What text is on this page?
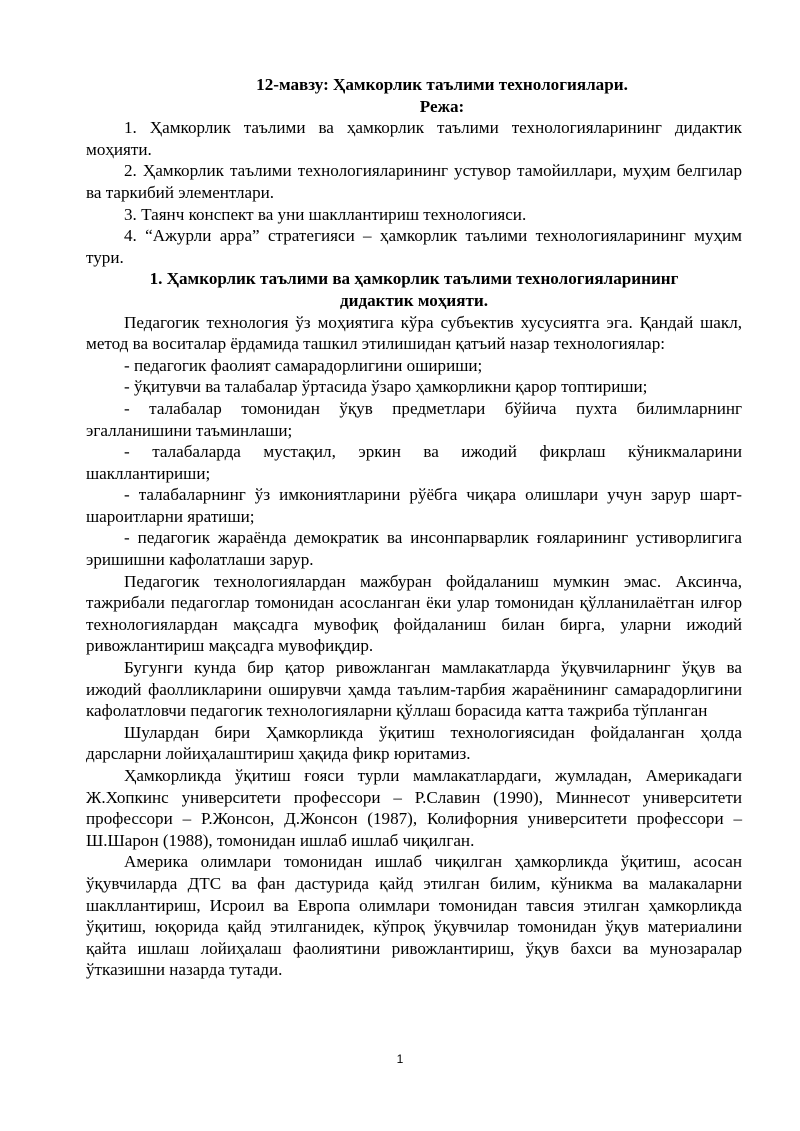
12-мавзу: Ҳамкорлик таълими технологиялари.
Режа:

1. Ҳамкорлик таълими ва ҳамкорлик таълими технологияларининг дидактик моҳияти.

2. Ҳамкорлик таълими технологияларининг устувор тамойиллари, муҳим белгилар ва таркибий элементлари.

3. Таянч конспект ва уни шакллантириш технологияси.

4. “Ажурли арра” стратегияси – ҳамкорлик таълими технологияларининг муҳим тури.

1. Ҳамкорлик таълими ва ҳамкорлик таълими технологияларининг
дидактик моҳияти.

Педагогик технология ўз моҳиятига кўра субъектив хусусиятга эга. Қандай шакл, метод ва воситалар ёрдамида ташкил этилишидан қатъий назар технологиялар:

- педагогик фаолият самарадорлигини ошириши;

- ўқитувчи ва талабалар ўртасида ўзаро ҳамкорликни қарор топтириши;

- талабалар томонидан ўқув предметлари бўйича пухта билимларнинг эгалланишини таъминлаши;

- талабаларда мустақил, эркин ва ижодий фикрлаш кўникмаларини шакллантириши;

- талабаларнинг ўз имкониятларини рўёбга чиқара олишлари учун зарур шарт-шароитларни яратиши;

- педагогик жараёнда демократик ва инсонпарварлик ғояларининг устиворлигига эришишни кафолатлаши зарур.

Педагогик технологиялардан мажбуран фойдаланиш мумкин эмас. Аксинча, тажрибали педагоглар томонидан асосланган ёки улар томонидан қўлланилаётган илғор технологиялардан мақсадга мувофиқ фойдаланиш билан бирга, уларни ижодий ривожлантириш мақсадга мувофиқдир.

Бугунги кунда бир қатор ривожланган мамлакатларда ўқувчиларнинг ўқув ва ижодий фаолликларини оширувчи ҳамда таълим-тарбия жараёнининг самарадорлигини кафолатловчи педагогик технологияларни қўллаш борасида катта тажриба тўпланган

Шулардан бири Ҳамкорликда ўқитиш технологиясидан фойдаланган ҳолда дарсларни лойиҳалаштириш ҳақида фикр юритамиз.

Ҳамкорликда ўқитиш ғояси турли мамлакатлардаги, жумладан, Америкадаги Ж.Хопкинс университети профессори – Р.Славин (1990), Миннесот университети профессори – Р.Жонсон, Д.Жонсон (1987), Колифорния университети профессори – Ш.Шарон (1988), томонидан ишлаб ишлаб чиқилган.

Америка олимлари томонидан ишлаб чиқилган ҳамкорликда ўқитиш, асосан ўқувчиларда ДТС ва фан дастурида қайд этилган билим, кўникма ва малакаларни шакллантириш, Исроил ва Европа олимлари томонидан тавсия этилган ҳамкорликда ўқитиш, юқорида қайд этилганидек, кўпроқ ўқувчилар томонидан ўқув материалини қайта ишлаш лойиҳалаш фаолиятини ривожлантириш, ўқув бахси ва мунозаралар ўтказишни назарда тутади.

1
